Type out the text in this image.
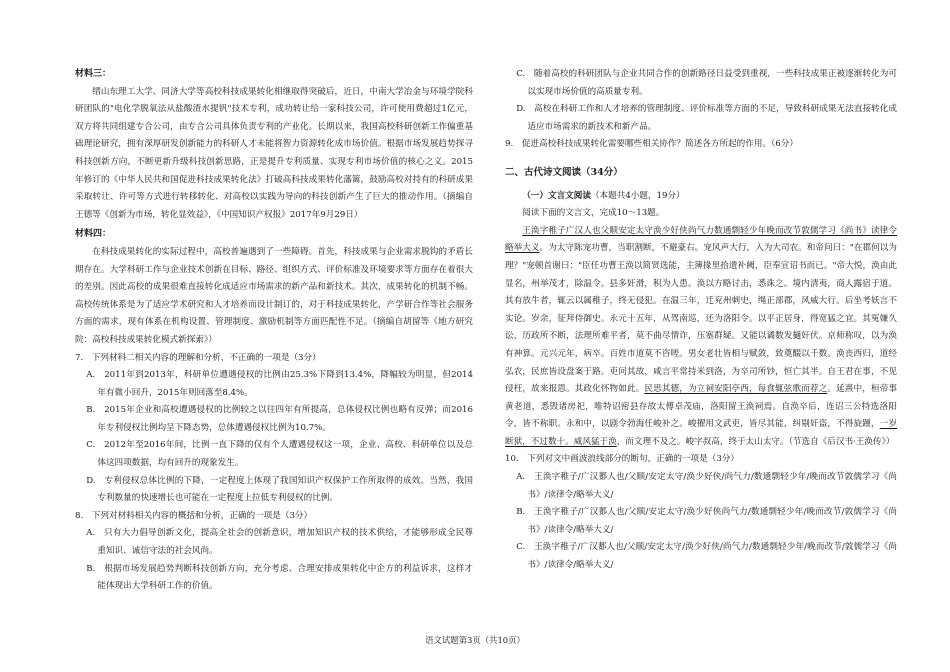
材料三：

缙山东理工大学、同济大学等高校科技成果转化相继取得突破后，近日，中南大学冶金与环境学院科研团队的"电化学脱氧法从盐酸渣水提钒"技术专利，成功转让给一家科技公司，许可使用费超过1亿元，双方将共同组建专合公司，由专合公司具体负责专利的产业化。长期以来，我国高校科研创新工作偏重基础理论研究，拥有深厚研发创新能力的科研人才未能将智力资源转化成市场价值。根据市场发展趋势探寻科技创新方向，不断更新升级科技创新思路，正是提升专利质量、实现专利市场价值的核心之义。2015年修订的《中华人民共和国促进科技成果转化法》打破高科技成果转化藩篱，鼓励高校对持有的科研成果采取转让、许可等方式进行转移转化、对高校以实践为导向的科技创新产生了巨大的推动作用。（摘编自王德等《创新为市场，转化显效益》，《中国知识产权报》2017年9月29日）

材料四：

在科技成果转化的实际过程中，高校普遍遇到了一些障碍。首先，科技成果与企业需求脱钩的矛盾长期存在。大学科研工作与企业技术创新在目标、路径、组织方式、评价标准及环境要求等方面存在着很大的差别。因此高校的成果很难直接转化成适应市场需求的新产品和新技术。其次，成果转化的机制不畅。高校传统体系是为了适应学术研究和人才培养而设计制订的，对于科技成果转化，产学研合作等社会服务方面的需求，现有体系在机构设置、管理制度、激励机制等方面匹配性不足。（摘编自胡留等《地方研究院：高校科技成果转化模式新探索》）

7.　下列材料二相关内容的理解和分析，不正确的一项是（3分）

A.　2011年到2013年，科研单位遭遇侵权的比例由25.3%下降到13.4%，降幅较为明显，但2014年有微小回升，2015年则回落至8.4%。

B.　2015年企业和高校遭遇侵权的比例较之以往四年有所提高，总体侵权比例也略有反弹；而2016年专利侵权比例均呈下降态势，总体遭遇侵权比例为10.7%。

C.　2012年至2016年间，比例一直下降的仅有个人遭遇侵权这一项，企业、高校、科研单位以及总体这四项数据，均有回升的现象发生。

D.　专利侵权总体比例的下降，一定程度上体现了我国知识产权保护工作所取得的成效。当然，我国专利数量的快速增长也可能在一定程度上拉低专利侵权的比例。

8.　下列对材料相关内容的概括和分析，正确的一项是（3分）

A.　只有大力倡导创新文化，提高全社会的创新意识，增加知识产权的技术供给，才能够形成全民尊重知识、诚信守法的社会风尚。

B.　根据市场发展趋势判断科技创新方向，充分考虑、合理安排成果转化中企方的利益诉求，这样才能体现出大学科研工作的价值。

C.　随着高校的科研团队与企业共同合作的创新路径日益受到重视，一些科技成果正被逐渐转化为可以实现市场价值的高质量专利。

D.　高校在科研工作和人才培养的管理制度、评价标准等方面的不足，导致科研成果无法直接转化成适应市场需求的新技术和新产品。

9.　促进高校科技成果转化需要哪些相关协作？简述各方所起的作用。（6分）

二、古代诗文阅读（34分）

（一）文言文阅读（本题共4小题，19分）

阅读下面的文言文，完成10～13题。

王涣字稚子广汉人也父顺安定太守涣少好侠尚气力数通剽轻少年晚而改节敦儒学习《尚书》读律令略举大义。为太守陈宠功曹，当职割断，不避豪右。宠风声大行，入为大司农。和帝问曰："在郡何以为理？"宠顿首谢曰："臣任功曹王涣以简贤选能，主簿掾里拾遗补阙，臣奉宣诏书而已。"帝大悦，涣由此显名，州举茂才，除温令。县多奸滑，积为人患。涣以方略讨击，悉诛之。境内清夷，商人露宿于道。其有放牛者，辄云以属稚子，终无侵犯。在温三年，迁兖州刺史，绳正部郡，风威大行。后坐考妖言不实论。岁余，征拜侍御史。永元十五年，从驾南巡，还为洛阳令。以平正居身，得宽猛之宜。其冤嫌久讼，历政所不断，法理所难平者，莫不曲尽情诈，压塞群疑。又能以谲数发擿奸伏。京师称叹，以为涣有神算。元兴元年，病卒。百姓市道莫不咨嗟。男女老壮皆相与赋敛，致奠醊以千数。涣丧西归，道经弘农，民庶皆设盘案于路。吏问其故，咸言平常持米到洛，为卒司所钞，恒亡其半。自王君在事，不见侵枉，故来报恩。其政化怀物如此。民思其德，为立祠安阳亭西，每食辄弦歌而荐之。延熹中，桓帝事黄老道，悉毁诸房祀，唯特诏密县存故太傅卓茂庙，洛阳留王涣祠焉。自涣卒后，连诏三公特选洛阳令，皆不称职。永和中，以剧令勃海任峻补之。峻擢用文武吏，皆尽其能，纠剔奸盗，不得旋踵，一岁断狱，不过数十。威风猛于涣，而文理不及之。峻字叔高，终于太山太守。（节选自《后汉书·王涣传》）

10.　下列对文中画波浪线部分的断句，正确的一项是（3分）

A.　王涣字稚子/广汉郪人也/父顺/安定太守/涣少好侠/尚气力/数通剽轻少年/晚而改节敦儒学习《尚书》/读律令/略举大义/

B.　王涣字稚子/广汉郪人也/父顺/安定太守/涣少好侠尚气力/数通剽轻少年/晚而改节/敦儒学习《尚书》/读律令/略举大义/

C.　王涣字稚子/广汉郪人也/父顺/安定太守/涣少好侠/尚气力/数通剽轻少年/晚而改节/敦儒学习《尚书》/读律令/略举大义/

语文试题第3页（共10页）
